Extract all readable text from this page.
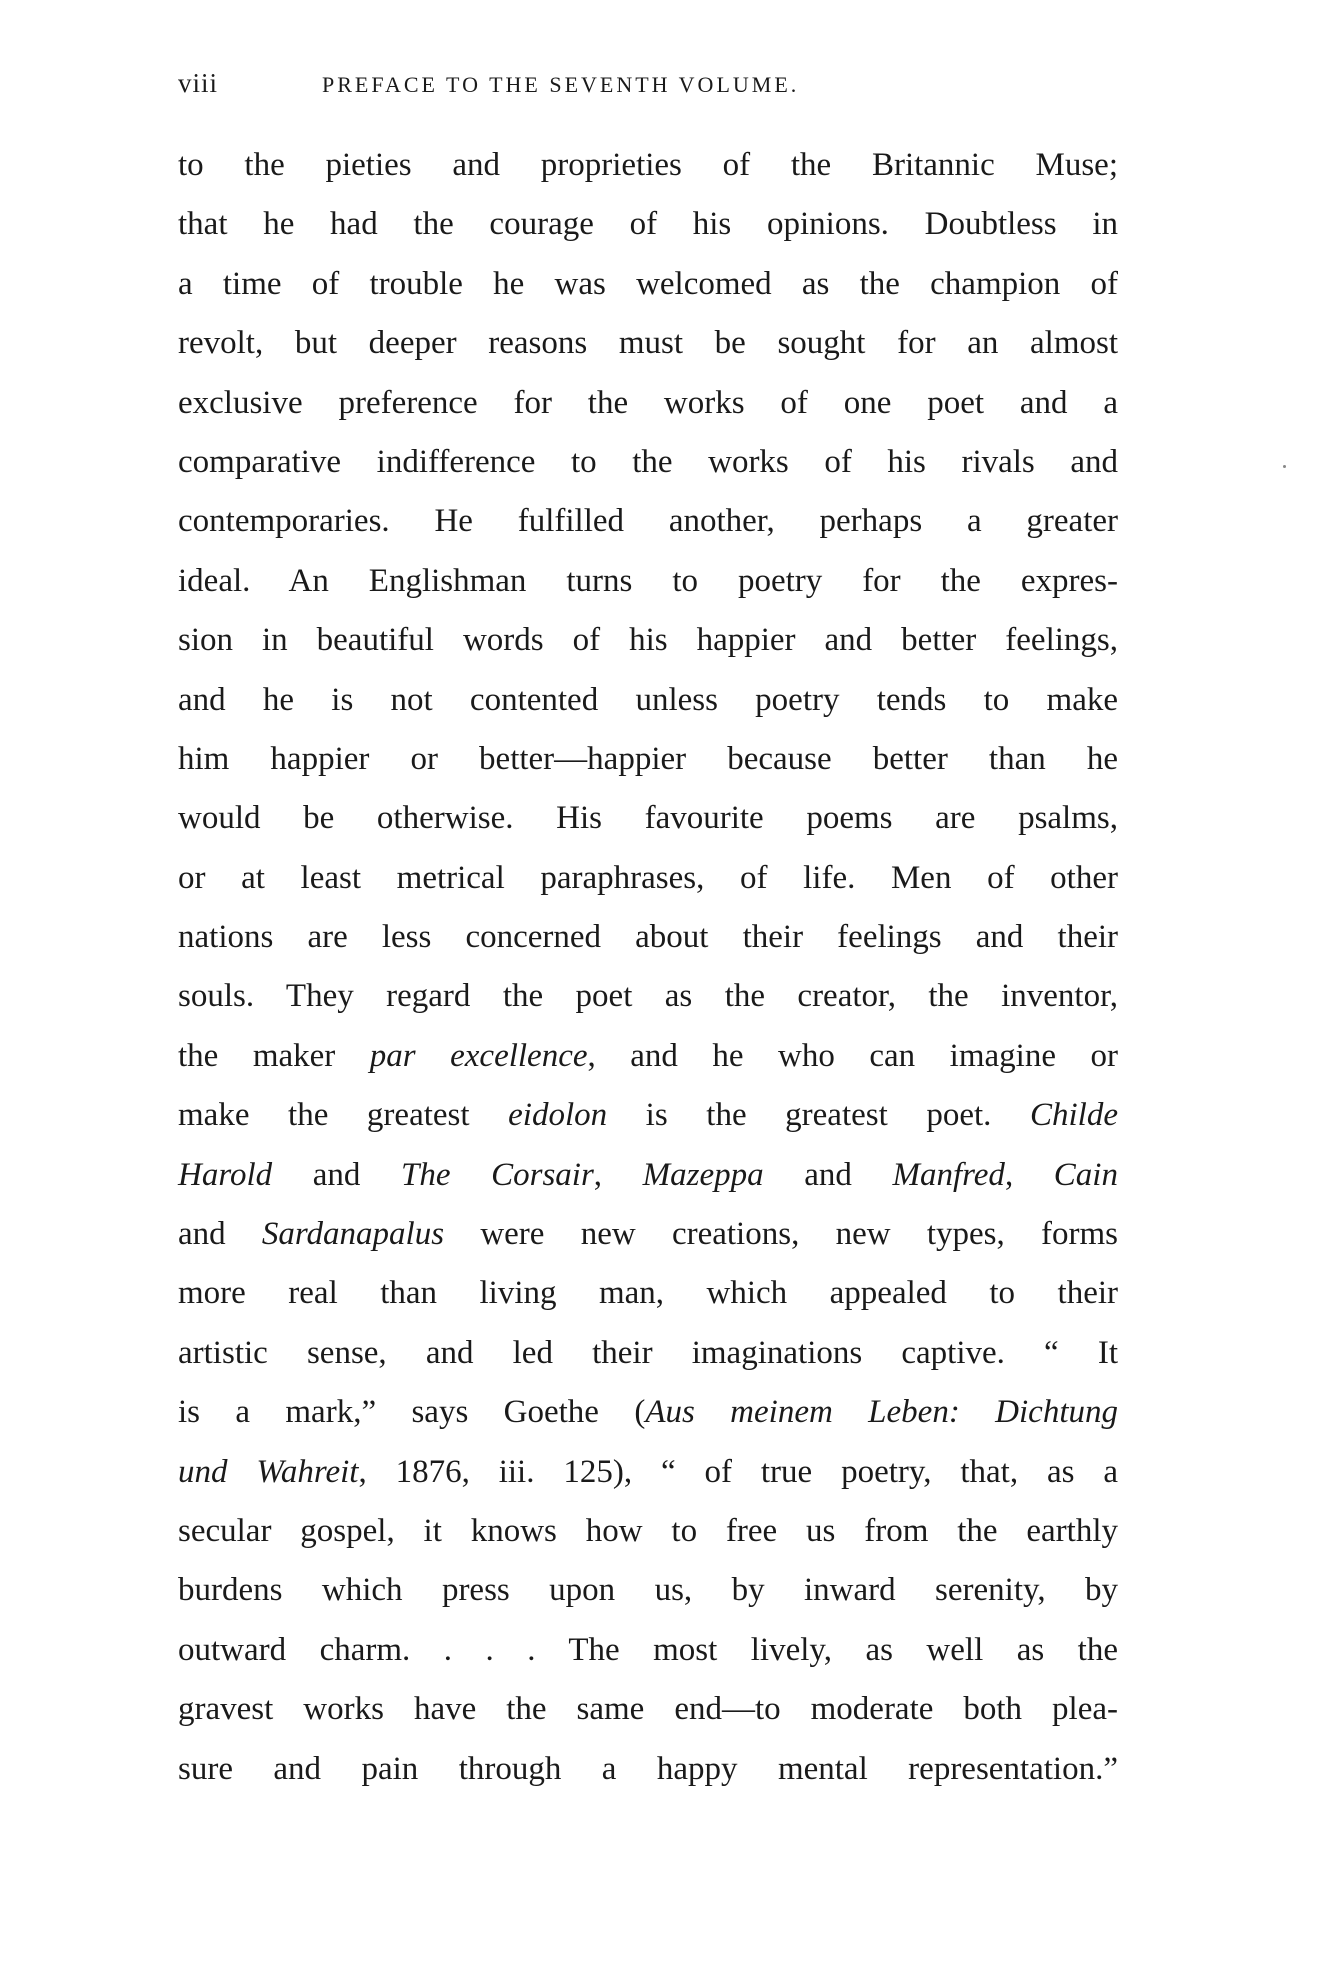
viii	PREFACE TO THE SEVENTH VOLUME.
to the pieties and proprieties of the Britannic Muse;
that he had the courage of his opinions. Doubtless in
a time of trouble he was welcomed as the champion of
revolt, but deeper reasons must be sought for an almost
exclusive preference for the works of one poet and a
comparative indifference to the works of his rivals and
contemporaries. He fulfilled another, perhaps a greater
ideal. An Englishman turns to poetry for the expres-
sion in beautiful words of his happier and better feelings,
and he is not contented unless poetry tends to make
him happier or better—happier because better than he
would be otherwise. His favourite poems are psalms,
or at least metrical paraphrases, of life. Men of other
nations are less concerned about their feelings and their
souls. They regard the poet as the creator, the inventor,
the maker par excellence, and he who can imagine or
make the greatest eidolon is the greatest poet. Childe
Harold and The Corsair, Mazeppa and Manfred, Cain
and Sardanapalus were new creations, new types, forms
more real than living man, which appealed to their
artistic sense, and led their imaginations captive. “ It
is a mark,” says Goethe (Aus meinem Leben: Dichtung
und Wahreit, 1876, iii. 125), “ of true poetry, that, as a
secular gospel, it knows how to free us from the earthly
burdens which press upon us, by inward serenity, by
outward charm. . . . The most lively, as well as the
gravest works have the same end—to moderate both plea-
sure and pain through a happy mental representation.”
